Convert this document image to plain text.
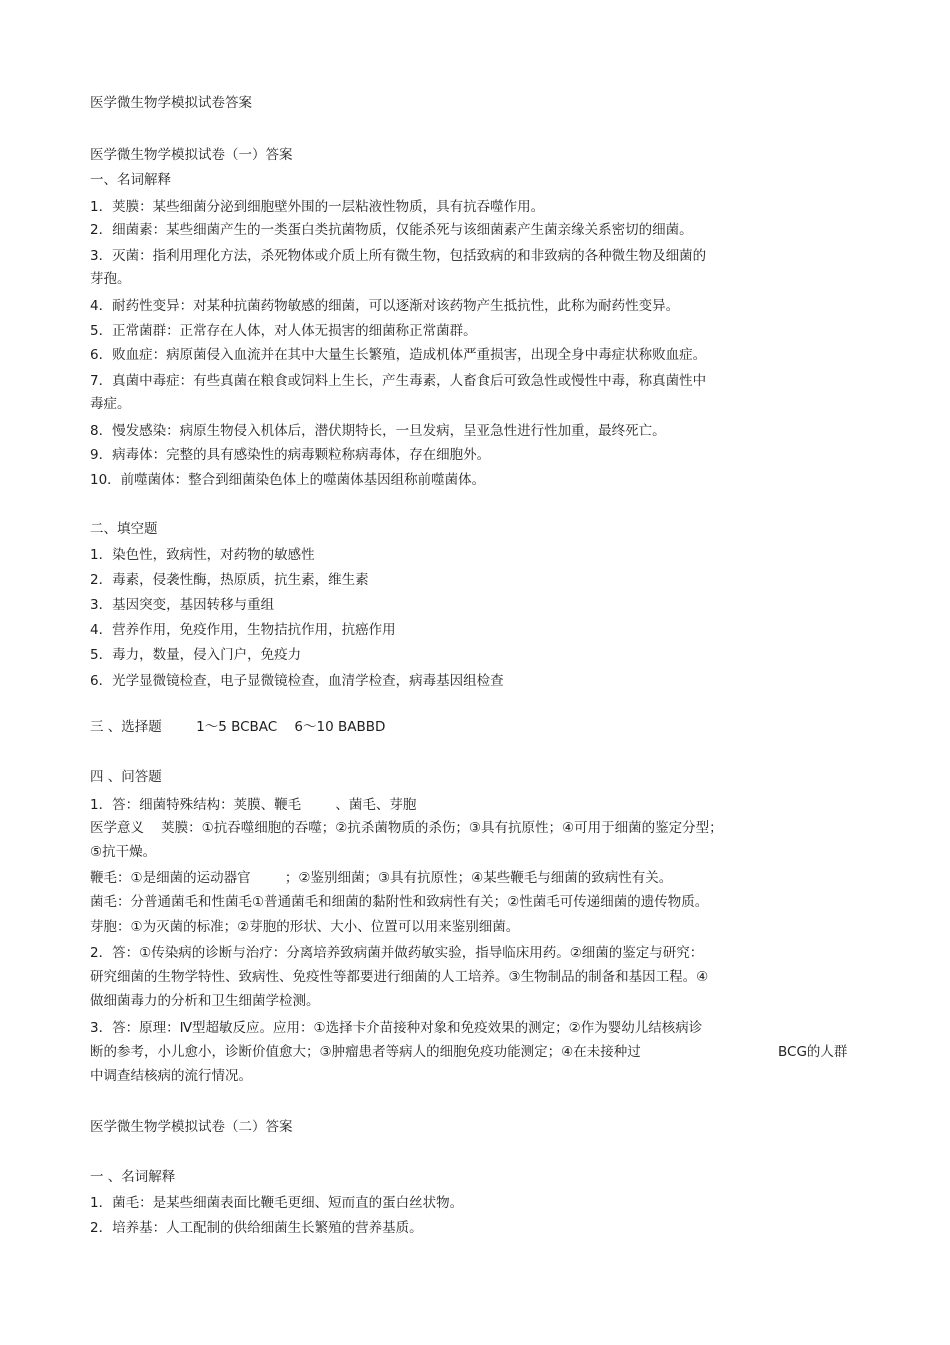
医学微生物学模拟试卷答案
医学微生物学模拟试卷（一）答案
一、名词解释
1．荚膜：某些细菌分泌到细胞壁外围的一层粘液性物质，具有抗吞噬作用。
2．细菌素：某些细菌产生的一类蛋白类抗菌物质，仅能杀死与该细菌素产生菌亲缘关系密切的细菌。
3．灭菌：指利用理化方法，杀死物体或介质上所有微生物，包括致病的和非致病的各种微生物及细菌的
芽孢。
4．耐药性变异：对某种抗菌药物敏感的细菌，可以逐渐对该药物产生抵抗性，此称为耐药性变异。
5．正常菌群：正常存在人体，对人体无损害的细菌称正常菌群。
6．败血症：病原菌侵入血流并在其中大量生长繁殖，造成机体严重损害，出现全身中毒症状称败血症。
7．真菌中毒症：有些真菌在粮食或饲料上生长，产生毒素，人畜食后可致急性或慢性中毒，称真菌性中
毒症。
8．慢发感染：病原生物侵入机体后，潜伏期特长，一旦发病，呈亚急性进行性加重，最终死亡。
9．病毒体：完整的具有感染性的病毒颗粒称病毒体，存在细胞外。
10．前噬菌体：整合到细菌染色体上的噬菌体基因组称前噬菌体。
二、填空题
1．染色性，致病性，对药物的敏感性
2．毒素，侵袭性酶，热原质，抗生素，维生素
3．基因突变，基因转移与重组
4．营养作用，免疫作用，生物拮抗作用，抗癌作用
5．毒力，数量，侵入门户，免疫力
6．光学显微镜检查，电子显微镜检查，血清学检查，病毒基因组检查
三 、选择题        1～5 BCBAC    6～10 BABBD
四 、问答题
1．答：细菌特殊结构：荚膜、鞭毛        、菌毛、芽胞
医学意义    荚膜：①抗吞噬细胞的吞噬；②抗杀菌物质的杀伤；③具有抗原性；④可用于细菌的鉴定分型；
⑤抗干燥。
鞭毛：①是细菌的运动器官        ；②鉴别细菌；③具有抗原性；④某些鞭毛与细菌的致病性有关。
菌毛：分普通菌毛和性菌毛①普通菌毛和细菌的黏附性和致病性有关；②性菌毛可传递细菌的遗传物质。
芽胞：①为灭菌的标准；②芽胞的形状、大小、位置可以用来鉴别细菌。
2．答：①传染病的诊断与治疗：分离培养致病菌并做药敏实验，指导临床用药。②细菌的鉴定与研究：
研究细菌的生物学特性、致病性、免疫性等都要进行细菌的人工培养。③生物制品的制备和基因工程。④
做细菌毒力的分析和卫生细菌学检测。
3．答：原理：Ⅳ型超敏反应。应用：①选择卡介苗接种对象和免疫效果的测定；②作为婴幼儿结核病诊
断的参考，小儿愈小，诊断价值愈大；③肿瘤患者等病人的细胞免疫功能测定；④在未接种过	BCG的人群
中调查结核病的流行情况。
医学微生物学模拟试卷（二）答案
一 、名词解释
1．菌毛：是某些细菌表面比鞭毛更细、短而直的蛋白丝状物。
2．培养基：人工配制的供给细菌生长繁殖的营养基质。
